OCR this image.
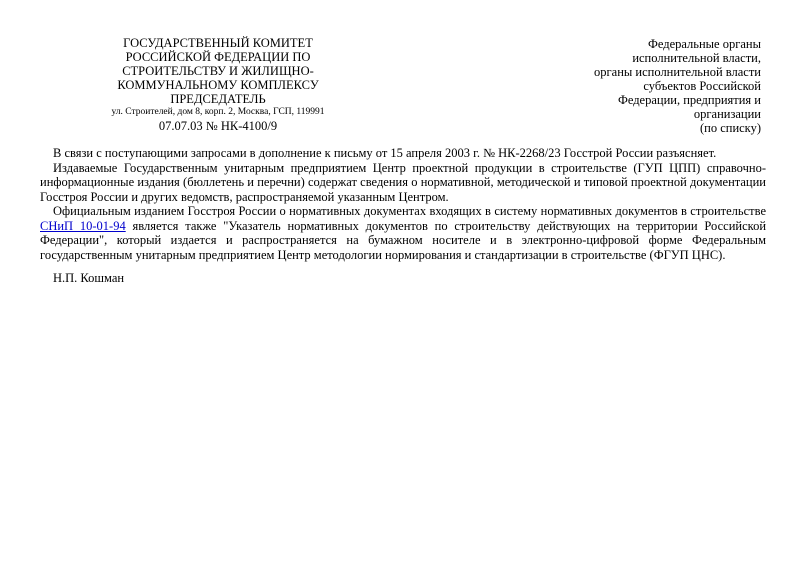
ГОСУДАРСТВЕННЫЙ КОМИТЕТ
РОССИЙСКОЙ ФЕДЕРАЦИИ ПО
СТРОИТЕЛЬСТВУ И ЖИЛИЩНО-
КОММУНАЛЬНОМУ КОМПЛЕКСУ
ПРЕДСЕДАТЕЛЬ
ул. Строителей, дом 8, корп. 2, Москва, ГСП, 119991
07.07.03 № НК-4100/9
Федеральные органы
исполнительной власти,
органы исполнительной власти
субъектов Российской
Федерации, предприятия и
организации
(по списку)

В связи с поступающими запросами в дополнение к письму от 15 апреля 2003 г. № НК-2268/23 Госстрой России разъясняет.

Издаваемые Государственным унитарным предприятием Центр проектной продукции в строительстве (ГУП ЦПП) справочно-информационные издания (бюллетень и перечни) содержат сведения о нормативной, методической и типовой проектной документации Госстроя России и других ведомств, распространяемой указанным Центром.

Официальным изданием Госстроя России о нормативных документах входящих в систему нормативных документов в строительстве СНиП 10-01-94 является также "Указатель нормативных документов по строительству действующих на территории Российской Федерации", который издается и распространяется на бумажном носителе и в электронно-цифровой форме Федеральным государственным унитарным предприятием Центр методологии нормирования и стандартизации в строительстве (ФГУП ЦНС).

Н.П. Кошман
